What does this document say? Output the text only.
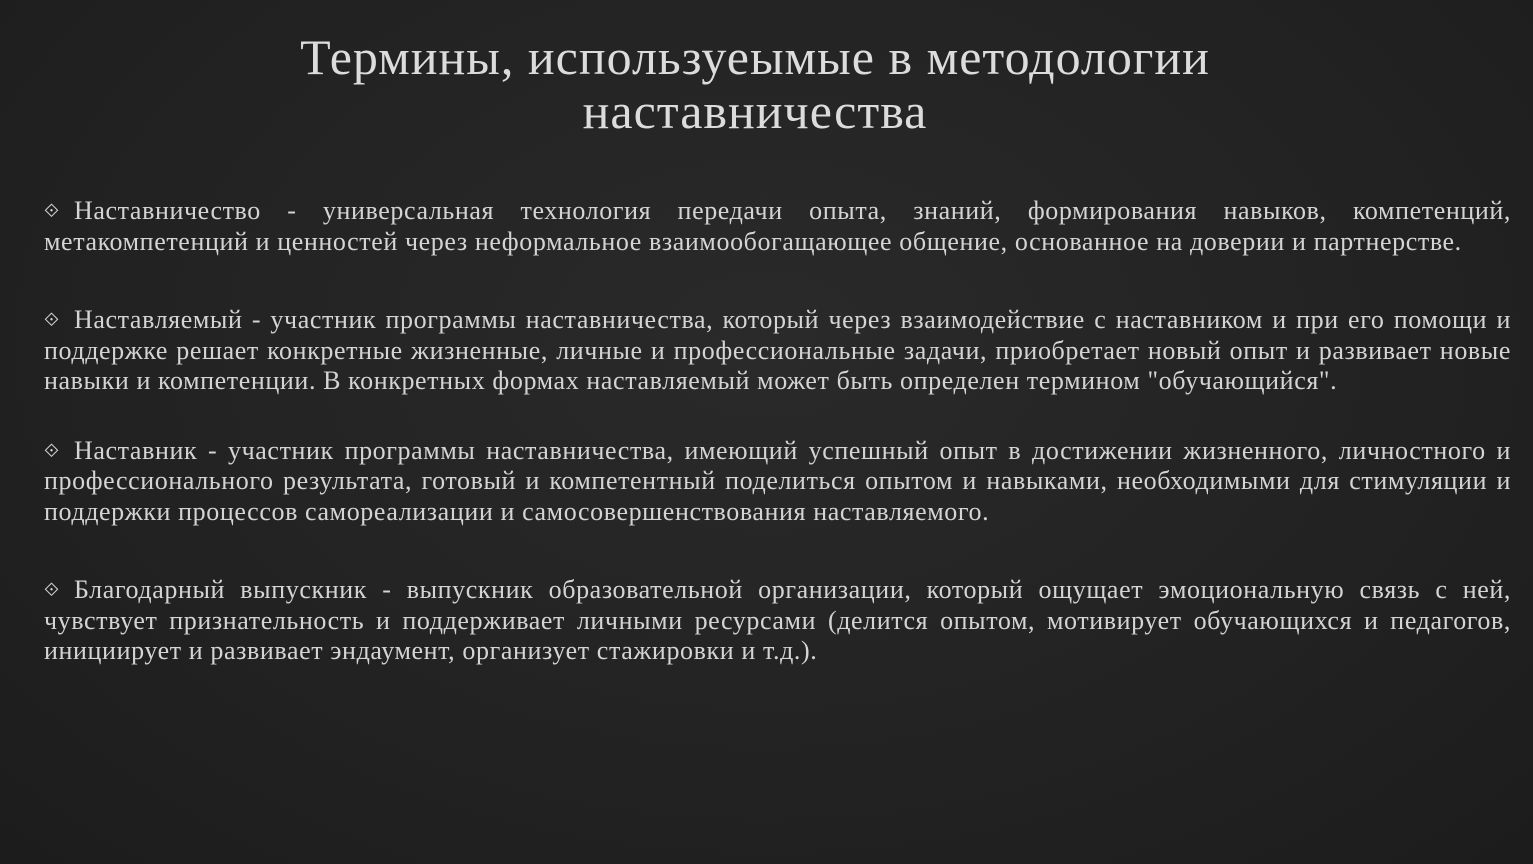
Термины, используеымые в методологии
наставничества

⟐ Наставничество - универсальная технология передачи опыта, знаний, формирования навыков, компетенций, метакомпетенций и ценностей через неформальное взаимообогащающее общение, основанное на доверии и партнерстве.

⟐ Наставляемый - участник программы наставничества, который через взаимодействие с наставником и при его помощи и поддержке решает конкретные жизненные, личные и профессиональные задачи, приобретает новый опыт и развивает новые навыки и компетенции. В конкретных формах наставляемый может быть определен термином "обучающийся".

⟐ Наставник - участник программы наставничества, имеющий успешный опыт в достижении жизненного, личностного и профессионального результата, готовый и компетентный поделиться опытом и навыками, необходимыми для стимуляции и поддержки процессов самореализации и самосовершенствования наставляемого.

⟐ Благодарный выпускник - выпускник образовательной организации, который ощущает эмоциональную связь с ней, чувствует признательность и поддерживает личными ресурсами (делится опытом, мотивирует обучающихся и педагогов, инициирует и развивает эндаумент, организует стажировки и т.д.).
